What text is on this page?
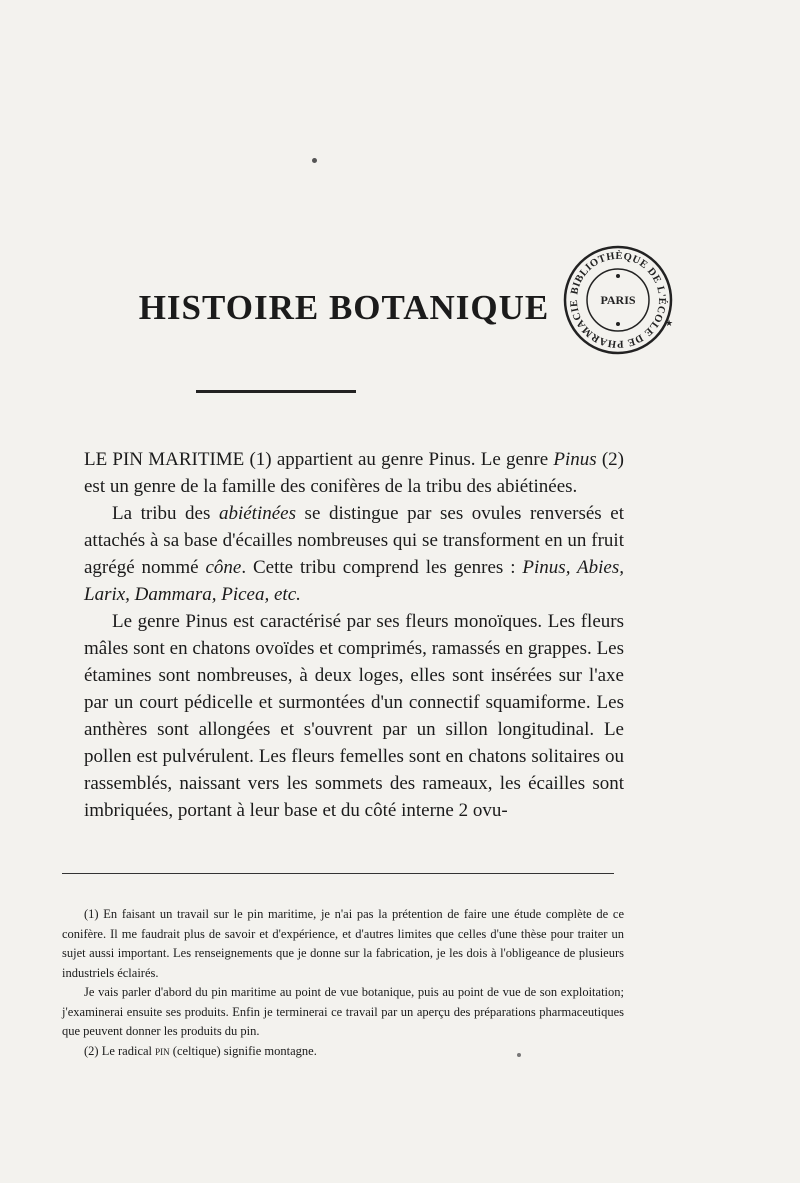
HISTOIRE BOTANIQUE	BIBLIOTHÈQUE DE L'ÉCOLE DE PHARMACIE	PARIS
★

LE PIN MARITIME (1) appartient au genre Pinus. Le genre Pinus (2) est un genre de la famille des conifères de la tribu des abiétinées.

La tribu des abiétinées se distingue par ses ovules renversés et attachés à sa base d'écailles nombreuses qui se transforment en un fruit agrégé nommé cône. Cette tribu comprend les genres : Pinus, Abies, Larix, Dammara, Picea, etc.

Le genre Pinus est caractérisé par ses fleurs monoïques. Les fleurs mâles sont en chatons ovoïdes et comprimés, ramassés en grappes. Les étamines sont nombreuses, à deux loges, elles sont insérées sur l'axe par un court pédicelle et surmontées d'un connectif squamiforme. Les anthères sont allongées et s'ouvrent par un sillon longitudinal. Le pollen est pulvérulent. Les fleurs femelles sont en chatons solitaires ou rassemblés, naissant vers les sommets des rameaux, les écailles sont imbriquées, portant à leur base et du côté interne 2 ovu-

(1) En faisant un travail sur le pin maritime, je n'ai pas la prétention de faire une étude complète de ce conifère. Il me faudrait plus de savoir et d'expérience, et d'autres limites que celles d'une thèse pour traiter un sujet aussi important. Les renseignements que je donne sur la fabrication, je les dois à l'obligeance de plusieurs industriels éclairés.

Je vais parler d'abord du pin maritime au point de vue botanique, puis au point de vue de son exploitation; j'examinerai ensuite ses produits. Enfin je terminerai ce travail par un aperçu des préparations pharmaceutiques que peuvent donner les produits du pin.

(2) Le radical pin (celtique) signifie montagne.
